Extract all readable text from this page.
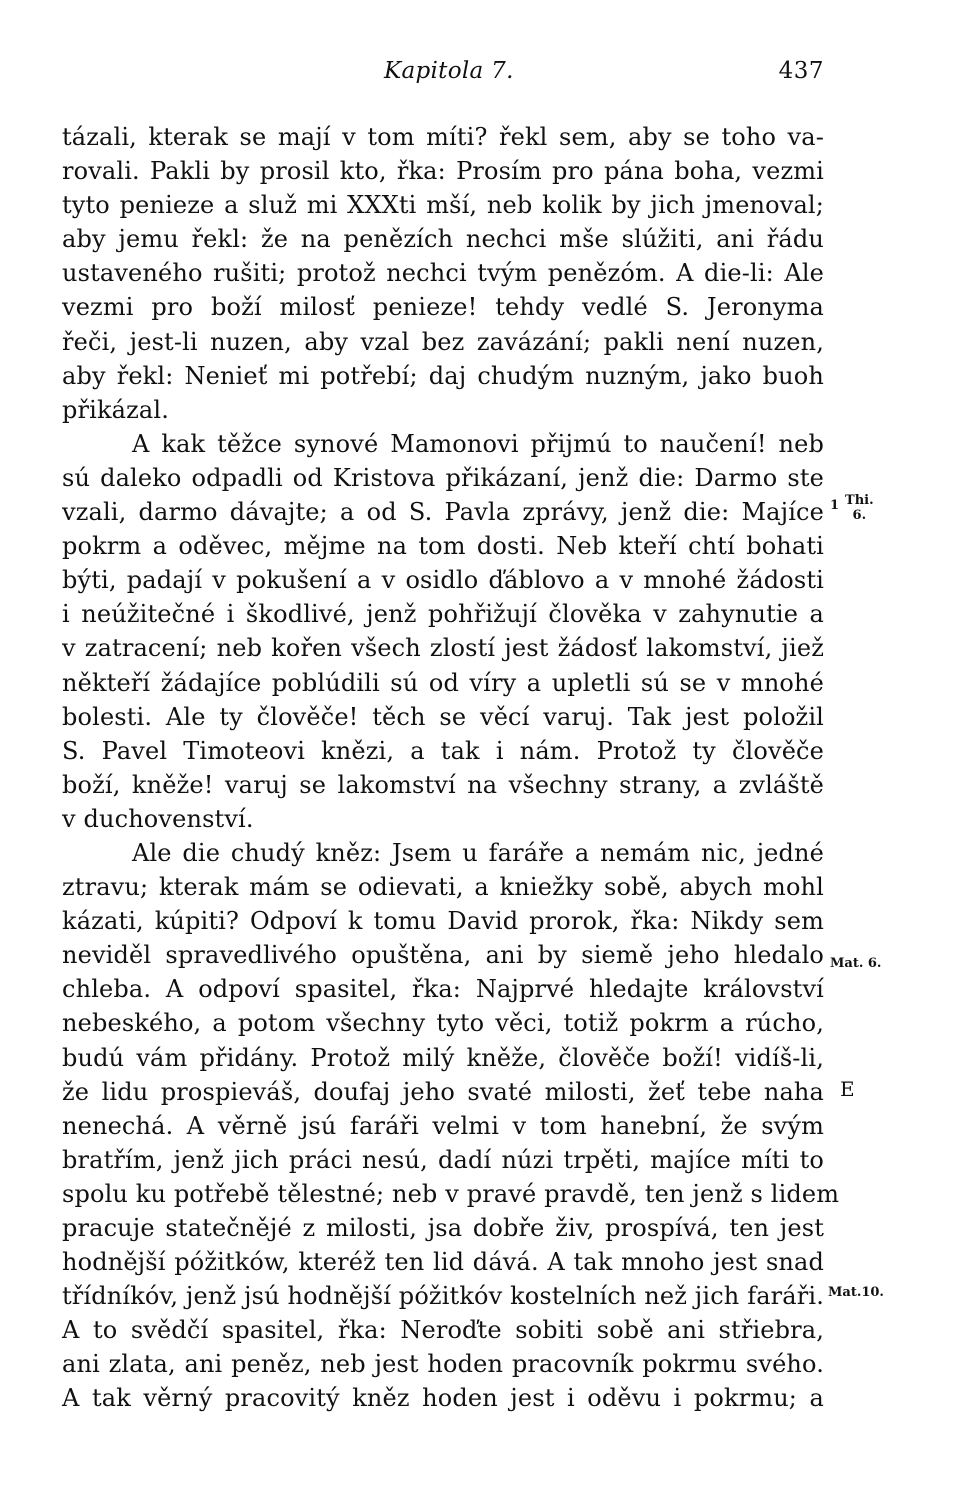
Kapitola 7.	437
tázali, kterak se mají v tom míti? řekl sem, aby se toho va-
rovali. Pakli by prosil kto, řka: Prosím pro pána boha, vezmi
tyto penieze a služ mi XXXti mší, neb kolik by jich jmenoval;
aby jemu řekl: že na penězích nechci mše slúžiti, ani řádu
ustaveného rušiti; protož nechci tvým penězóm. A die-li: Ale
vezmi pro boží milosť penieze! tehdy vedlé S. Jeronyma
řeči, jest-li nuzen, aby vzal bez zavázání; pakli není nuzen,
aby řekl: Nenieť mi potřebí; daj chudým nuzným, jako buoh
přikázal.
A kak těžce synové Mamonovi přijmú to naučení! neb
sú daleko odpadli od Kristova přikázaní, jenž die: Darmo ste
vzali, darmo dávajte; a od S. Pavla zprávy, jenž die: Majíce
pokrm a oděvec, mějme na tom dosti. Neb kteří chtí bohati
býti, padají v pokušení a v osidlo ďáblovo a v mnohé žádosti
i neúžitečné i škodlivé, jenž pohřižují člověka v zahynutie a
v zatracení; neb kořen všech zlostí jest žádosť lakomství, jiež
někteří žádajíce poblúdili sú od víry a upletli sú se v mnohé
bolesti. Ale ty člověče! těch se věcí varuj. Tak jest položil
S. Pavel Timoteovi knězi, a tak i nám. Protož ty člověče
boží, kněže! varuj se lakomství na všechny strany, a zvláště
v duchovenství.
Ale die chudý kněz: Jsem u faráře a nemám nic, jedné
ztravu; kterak mám se odievati, a kniežky sobě, abych mohl
kázati, kúpiti? Odpoví k tomu David prorok, řka: Nikdy sem
neviděl spravedlivého opuštěna, ani by siemě jeho hledalo
chleba. A odpoví spasitel, řka: Najprvé hledajte království
nebeského, a potom všechny tyto věci, totiž pokrm a rúcho,
budú vám přidány. Protož milý kněže, člověče boží! vidíš-li,
že lidu prospieváš, doufaj jeho svaté milosti, žeť tebe naha
nenechá. A věrně jsú faráři velmi v tom hanební, že svým
bratřím, jenž jich práci nesú, dadí núzi trpěti, majíce míti to
spolu ku potřebě tělestné; neb v pravé pravdě, ten jenž s lidem
pracuje statečnějé z milosti, jsa dobře živ, prospívá, ten jest
hodnější póžitków, kteréž ten lid dává. A tak mnoho jest snad
třídníkóv, jenž jsú hodnější póžitkóv kostelních než jich faráři.
A to svědčí spasitel, řka: Neroďte sobiti sobě ani střiebra,
ani zlata, ani peněz, neb jest hoden pracovník pokrmu svého.
A tak věrný pracovitý kněz hoden jest i oděvu i pokrmu; a
1 Thi.
6.
Mat. 6.
E
Mat.10.
